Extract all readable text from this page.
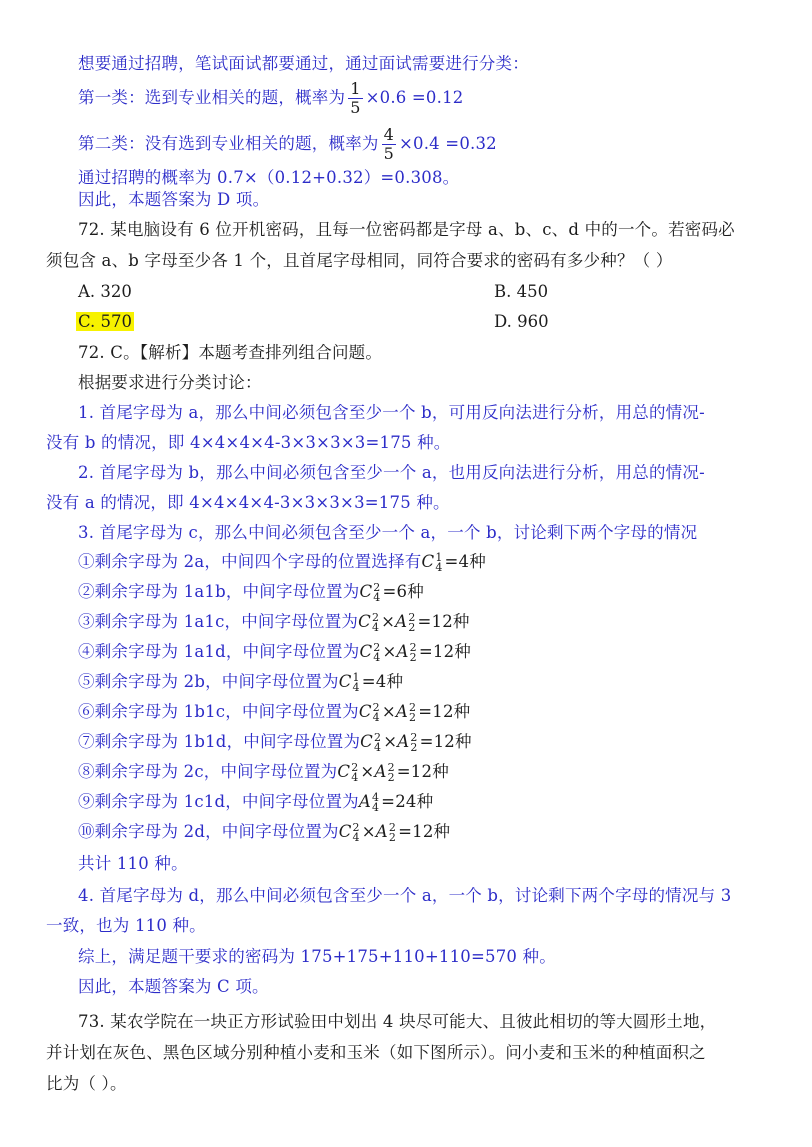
想要通过招聘，笔试面试都要通过，通过面试需要进行分类：
第一类：选到专业相关的题，概率为 $\frac{1}{5} \times 0.6 =0.12$
第二类：没有选到专业相关的题，概率为 $\frac{4}{5} \times 0.4 =0.32$
通过招聘的概率为 0.7×（0.12+0.32）=0.308。
因此，本题答案为 D 项。
72. 某电脑设有 6 位开机密码，且每一位密码都是字母 a、b、c、d 中的一个。若密码必
须包含 a、b 字母至少各 1 个，且首尾字母相同，同符合要求的密码有多少种？（ ）
A. 320	B. 450
C. 570	D. 960
72. C。【解析】本题考查排列组合问题。
根据要求进行分类讨论：
1. 首尾字母为 a，那么中间必须包含至少一个 b，可用反向法进行分析，用总的情况-
没有 b 的情况，即 4×4×4×4-3×3×3×3=175 种。
2. 首尾字母为 b，那么中间必须包含至少一个 a，也用反向法进行分析，用总的情况-
没有 a 的情况，即 4×4×4×4-3×3×3×3=175 种。
3. 首尾字母为 c，那么中间必须包含至少一个 a，一个 b，讨论剩下两个字母的情况
①剩余字母为 2a，中间四个字母的位置选择有C 1
4 =4种
②剩余字母为 1a1b，中间字母位置为C 2
4 =6种
③剩余字母为 1a1c，中间字母位置为C 2
4 ×A 2
2 =12种
④剩余字母为 1a1d，中间字母位置为C 2
4 ×A 2
2 =12种
⑤剩余字母为 2b，中间字母位置为C 1
4 =4种
⑥剩余字母为 1b1c，中间字母位置为C 2
4 ×A 2
2 =12种
⑦剩余字母为 1b1d，中间字母位置为C 2
4 ×A 2
2 =12种
⑧剩余字母为 2c，中间字母位置为C 2
4 ×A 2
2 =12种
⑨剩余字母为 1c1d，中间字母位置为A 4
4 =24种
⑩剩余字母为 2d，中间字母位置为C 2
4 ×A 2
2 =12种
共计 110 种。
4. 首尾字母为 d，那么中间必须包含至少一个 a，一个 b，讨论剩下两个字母的情况与 3
一致，也为 110 种。
综上，满足题干要求的密码为 175+175+110+110=570 种。
因此，本题答案为 C 项。
73. 某农学院在一块正方形试验田中划出 4 块尽可能大、且彼此相切的等大圆形土地，
并计划在灰色、黑色区域分别种植小麦和玉米（如下图所示）。问小麦和玉米的种植面积之
比为（ ）。
